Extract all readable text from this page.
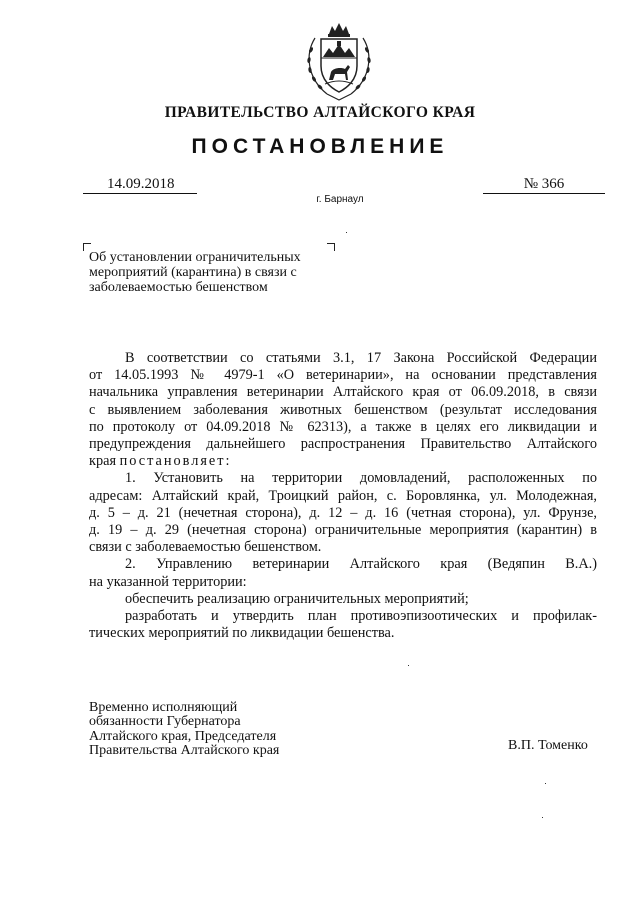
ПРАВИТЕЛЬСТВО АЛТАЙСКОГО КРАЯ
ПОСТАНОВЛЕНИЕ
14.09.2018	№ 366
г. Барнаул
Об установлении ограничительных
мероприятий (карантина) в связи с
заболеваемостью бешенством

В соответствии со статьями 3.1, 17 Закона Российской Федерации

от 14.05.1993 № 4979-1 «О ветеринарии», на основании представления

начальника управления ветеринарии Алтайского края от 06.09.2018, в связи

с выявлением заболевания животных бешенством (результат исследования

по протоколу от 04.09.2018 № 62313), а также в целях его ликвидации и

предупреждения дальнейшего распространения Правительство Алтайского

края постановляет:

1. Установить на территории домовладений, расположенных по

адресам: Алтайский край, Троицкий район, с. Боровлянка, ул. Молодежная,

д. 5 – д. 21 (нечетная сторона), д. 12 – д. 16 (четная сторона), ул. Фрунзе,

д. 19 – д. 29 (нечетная сторона) ограничительные мероприятия (карантин) в

связи с заболеваемостью бешенством.

2. Управлению ветеринарии Алтайского края (Ведяпин В.А.)

на указанной территории:

обеспечить реализацию ограничительных мероприятий;

разработать и утвердить план противоэпизоотических и профилак-

тических мероприятий по ликвидации бешенства.

Временно исполняющий
обязанности Губернатора
Алтайского края, Председателя
Правительства Алтайского края	В.П. Томенко
